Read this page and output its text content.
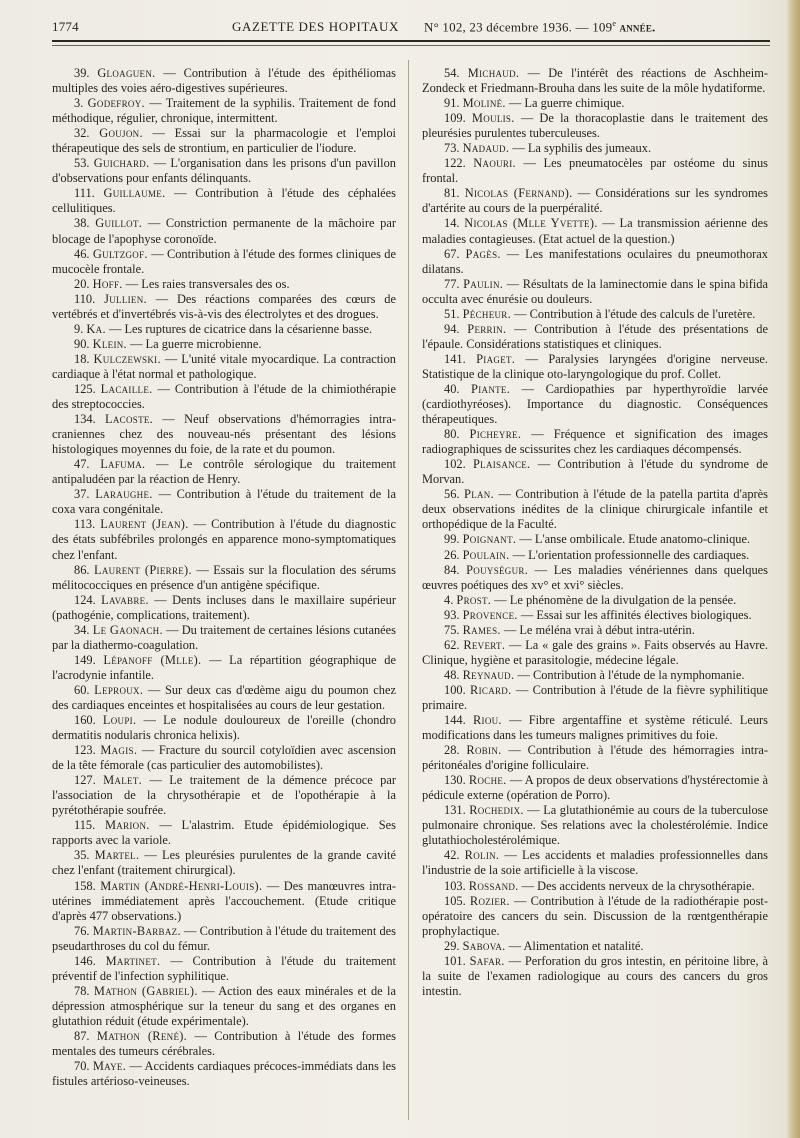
1774	GAZETTE DES HOPITAUX N° 102, 23 décembre 1936. — 109e année.

39. Gloaguen. — Contribution à l'étude des épithéliomas multiples des voies aéro-digestives supérieures.

3. Godefroy. — Traitement de la syphilis. Traitement de fond méthodique, régulier, chronique, intermittent.

32. Goujon. — Essai sur la pharmacologie et l'emploi thérapeutique des sels de strontium, en particulier de l'iodure.

53. Guichard. — L'organisation dans les prisons d'un pavillon d'observations pour enfants délinquants.

111. Guillaume. — Contribution à l'étude des céphalées cellulitiques.

38. Guillot. — Constriction permanente de la mâchoire par blocage de l'apophyse coronoïde.

46. Gultzgof. — Contribution à l'étude des formes cliniques de mucocèle frontale.

20. Hoff. — Les raies transversales des os.

110. Jullien. — Des réactions comparées des cœurs de vertébrés et d'invertébrés vis-à-vis des électrolytes et des drogues.

9. Ka. — Les ruptures de cicatrice dans la césarienne basse.

90. Klein. — La guerre microbienne.

18. Kulczewski. — L'unité vitale myocardique. La contraction cardiaque à l'état normal et pathologique.

125. Lacaille. — Contribution à l'étude de la chimiothérapie des streptococcies.

134. Lacoste. — Neuf observations d'hémorragies intra-craniennes chez des nouveau-nés présentant des lésions histologiques moyennes du foie, de la rate et du poumon.

47. Lafuma. — Le contrôle sérologique du traitement antipaludéen par la réaction de Henry.

37. Laraughe. — Contribution à l'étude du traitement de la coxa vara congénitale.

113. Laurent (Jean). — Contribution à l'étude du diagnostic des états subfébriles prolongés en apparence mono-symptomatiques chez l'enfant.

86. Laurent (Pierre). — Essais sur la floculation des sérums mélitococciques en présence d'un antigène spécifique.

124. Lavabre. — Dents incluses dans le maxillaire supérieur (pathogénie, complications, traitement).

34. Le Gaonach. — Du traitement de certaines lésions cutanées par la diathermo-coagulation.

149. Lépanoff (Mlle). — La répartition géographique de l'acrodynie infantile.

60. Leproux. — Sur deux cas d'œdème aigu du poumon chez des cardiaques enceintes et hospitalisées au cours de leur gestation.

160. Loupi. — Le nodule douloureux de l'oreille (chondro dermatitis nodularis chronica helixis).

123. Magis. — Fracture du sourcil cotyloïdien avec ascension de la tête fémorale (cas particulier des automobilistes).

127. Malet. — Le traitement de la démence précoce par l'association de la chrysothérapie et de l'opothérapie à la pyrétothérapie soufrée.

115. Marion. — L'alastrim. Etude épidémiologique. Ses rapports avec la variole.

35. Martel. — Les pleurésies purulentes de la grande cavité chez l'enfant (traitement chirurgical).

158. Martin (André-Henri-Louis). — Des manœuvres intra-utérines immédiatement après l'accouchement. (Etude critique d'après 477 observations.)

76. Martin-Barbaz. — Contribution à l'étude du traitement des pseudarthroses du col du fémur.

146. Martinet. — Contribution à l'étude du traitement préventif de l'infection syphilitique.

78. Mathon (Gabriel). — Action des eaux minérales et de la dépression atmosphérique sur la teneur du sang et des organes en glutathion réduit (étude expérimentale).

87. Mathon (René). — Contribution à l'étude des formes mentales des tumeurs cérébrales.

70. Maye. — Accidents cardiaques précoces-immédiats dans les fistules artérioso-veineuses.

54. Michaud. — De l'intérêt des réactions de Aschheim-Zondeck et Friedmann-Brouha dans les suite de la môle hydatiforme.

91. Moliné. — La guerre chimique.

109. Moulis. — De la thoracoplastie dans le traitement des pleurésies purulentes tuberculeuses.

73. Nadaud. — La syphilis des jumeaux.

122. Naouri. — Les pneumatocèles par ostéome du sinus frontal.

81. Nicolas (Fernand). — Considérations sur les syndromes d'artérite au cours de la puerpéralité.

14. Nicolas (Mlle Yvette). — La transmission aérienne des maladies contagieuses. (Etat actuel de la question.)

67. Pagès. — Les manifestations oculaires du pneumothorax dilatans.

77. Paulin. — Résultats de la laminectomie dans le spina bifida occulta avec énurésie ou douleurs.

51. Pécheur. — Contribution à l'étude des calculs de l'uretère.

94. Perrin. — Contribution à l'étude des présentations de l'épaule. Considérations statistiques et cliniques.

141. Piaget. — Paralysies laryngées d'origine nerveuse. Statistique de la clinique oto-laryngologique du prof. Collet.

40. Piante. — Cardiopathies par hyperthyroïdie larvée (cardiothyréoses). Importance du diagnostic. Conséquences thérapeutiques.

80. Picheyre. — Fréquence et signification des images radiographiques de scissurites chez les cardiaques décompensés.

102. Plaisance. — Contribution à l'étude du syndrome de Morvan.

56. Plan. — Contribution à l'étude de la patella partita d'après deux observations inédites de la clinique chirurgicale infantile et orthopédique de la Faculté.

99. Poignant. — L'anse ombilicale. Etude anatomo-clinique.

26. Poulain. — L'orientation professionnelle des cardiaques.

84. Pouységur. — Les maladies vénériennes dans quelques œuvres poétiques des xv° et xvi° siècles.

4. Prost. — Le phénomène de la divulgation de la pensée.

93. Provence. — Essai sur les affinités électives biologiques.

75. Rames. — Le méléna vrai à début intra-utérin.

62. Revert. — La « gale des grains ». Faits observés au Havre. Clinique, hygiène et parasitologie, médecine légale.

48. Reynaud. — Contribution à l'étude de la nymphomanie.

100. Ricard. — Contribution à l'étude de la fièvre syphilitique primaire.

144. Riou. — Fibre argentaffine et système réticulé. Leurs modifications dans les tumeurs malignes primitives du foie.

28. Robin. — Contribution à l'étude des hémorragies intra-péritonéales d'origine folliculaire.

130. Roche. — A propos de deux observations d'hystérectomie à pédicule externe (opération de Porro).

131. Rochedix. — La glutathionémie au cours de la tuberculose pulmonaire chronique. Ses relations avec la cholestérolémie. Indice glutathiocholestérolémique.

42. Rolin. — Les accidents et maladies professionnelles dans l'industrie de la soie artificielle à la viscose.

103. Rossand. — Des accidents nerveux de la chrysothérapie.

105. Rozier. — Contribution à l'étude de la radiothérapie post-opératoire des cancers du sein. Discussion de la rœntgenthérapie prophylactique.

29. Sabova. — Alimentation et natalité.

101. Safar. — Perforation du gros intestin, en péritoine libre, à la suite de l'examen radiologique au cours des cancers du gros intestin.
